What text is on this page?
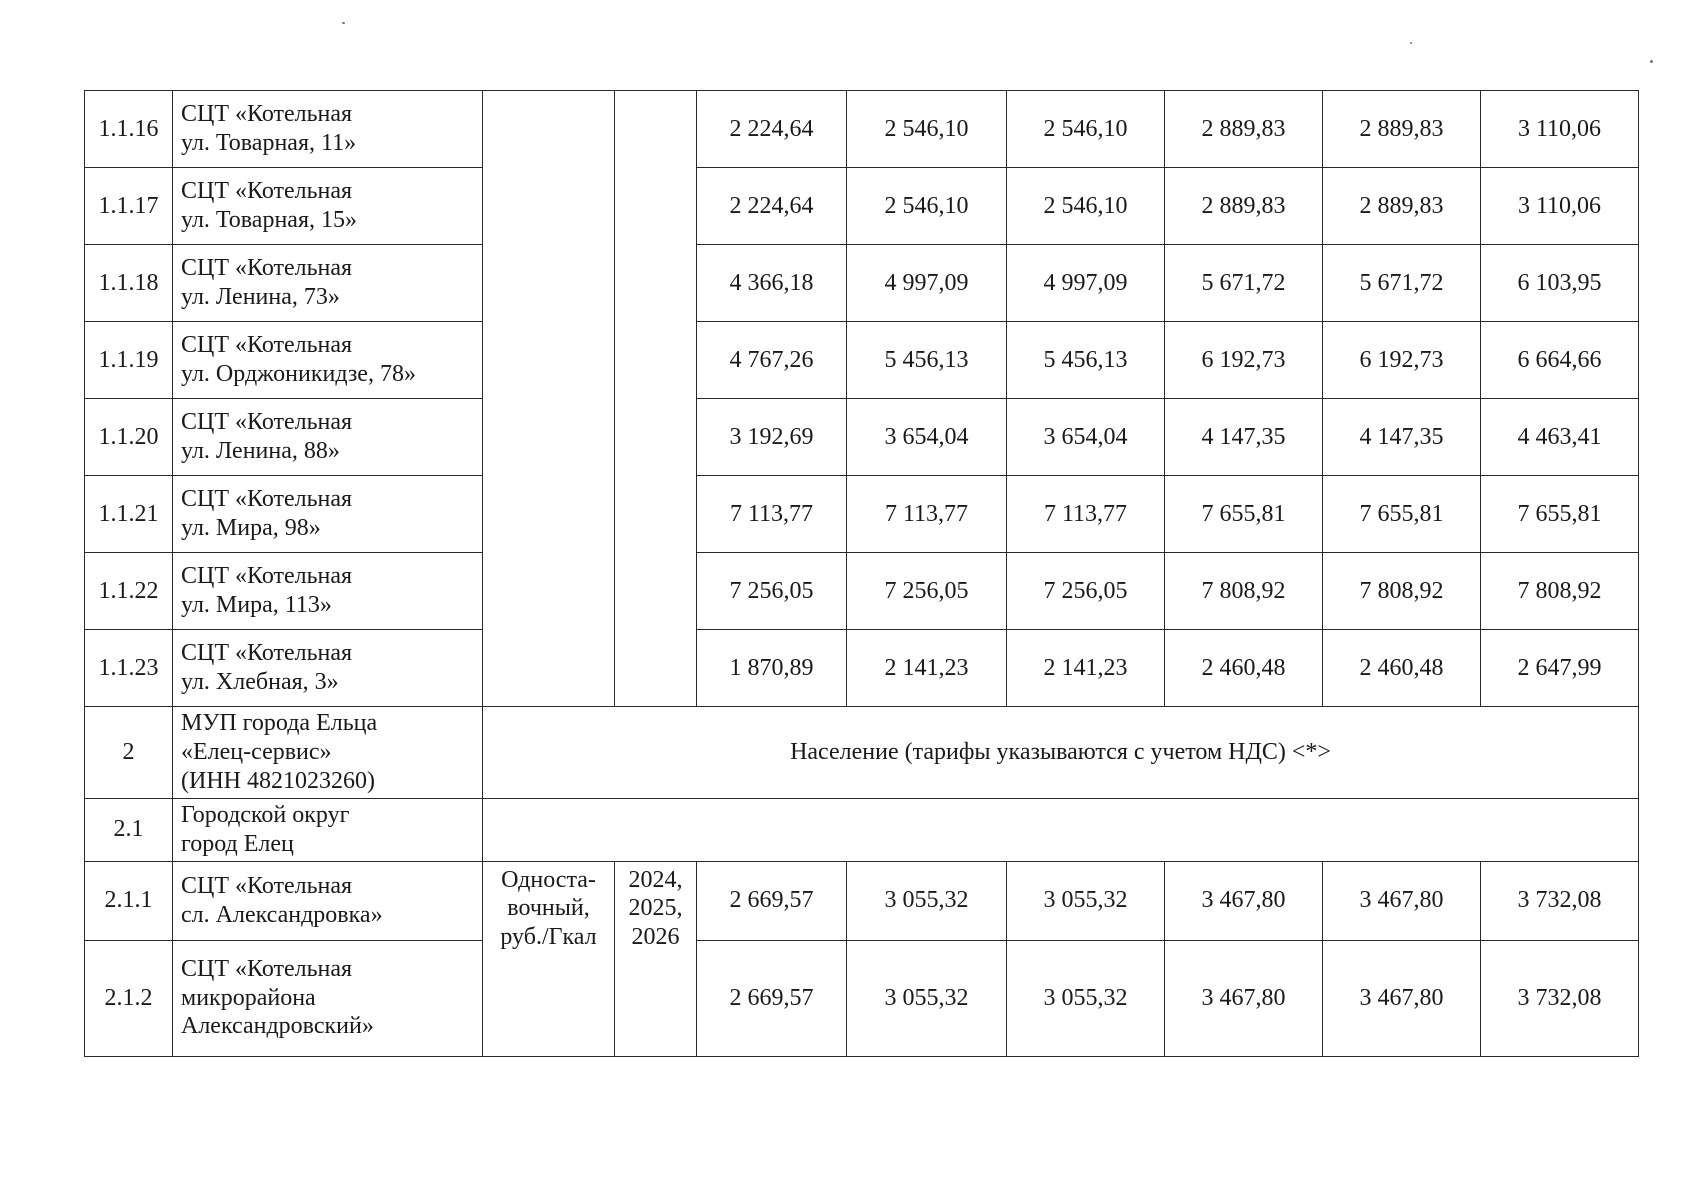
1.1.16	СЦТ «Котельная
ул. Товарная, 11»			2 224,64	2 546,10	2 546,10	2 889,83	2 889,83	3 110,06
1.1.17	СЦТ «Котельная
ул. Товарная, 15»			2 224,64	2 546,10	2 546,10	2 889,83	2 889,83	3 110,06
1.1.18	СЦТ «Котельная
ул. Ленина, 73»			4 366,18	4 997,09	4 997,09	5 671,72	5 671,72	6 103,95
1.1.19	СЦТ «Котельная
ул. Орджоникидзе, 78»			4 767,26	5 456,13	5 456,13	6 192,73	6 192,73	6 664,66
1.1.20	СЦТ «Котельная
ул. Ленина, 88»			3 192,69	3 654,04	3 654,04	4 147,35	4 147,35	4 463,41
1.1.21	СЦТ «Котельная
ул. Мира, 98»			7 113,77	7 113,77	7 113,77	7 655,81	7 655,81	7 655,81
1.1.22	СЦТ «Котельная
ул. Мира, 113»			7 256,05	7 256,05	7 256,05	7 808,92	7 808,92	7 808,92
1.1.23	СЦТ «Котельная
ул. Хлебная, 3»			1 870,89	2 141,23	2 141,23	2 460,48	2 460,48	2 647,99
2	МУП города Ельца
«Елец-сервис»
(ИНН 4821023260)	Население (тарифы указываются с учетом НДС) <*>							
2.1	Городской округ
город Елец								

2.1.1	СЦТ «Котельная
сл. Александровка»	Односта-
вочный,
руб./Гкал	2024,
2025,
2026	2 669,57	3 055,32	3 055,32	3 467,80	3 467,80	3 732,08
2.1.2	СЦТ «Котельная
микрорайона
Александровский»			2 669,57	3 055,32	3 055,32	3 467,80	3 467,80	3 732,08
